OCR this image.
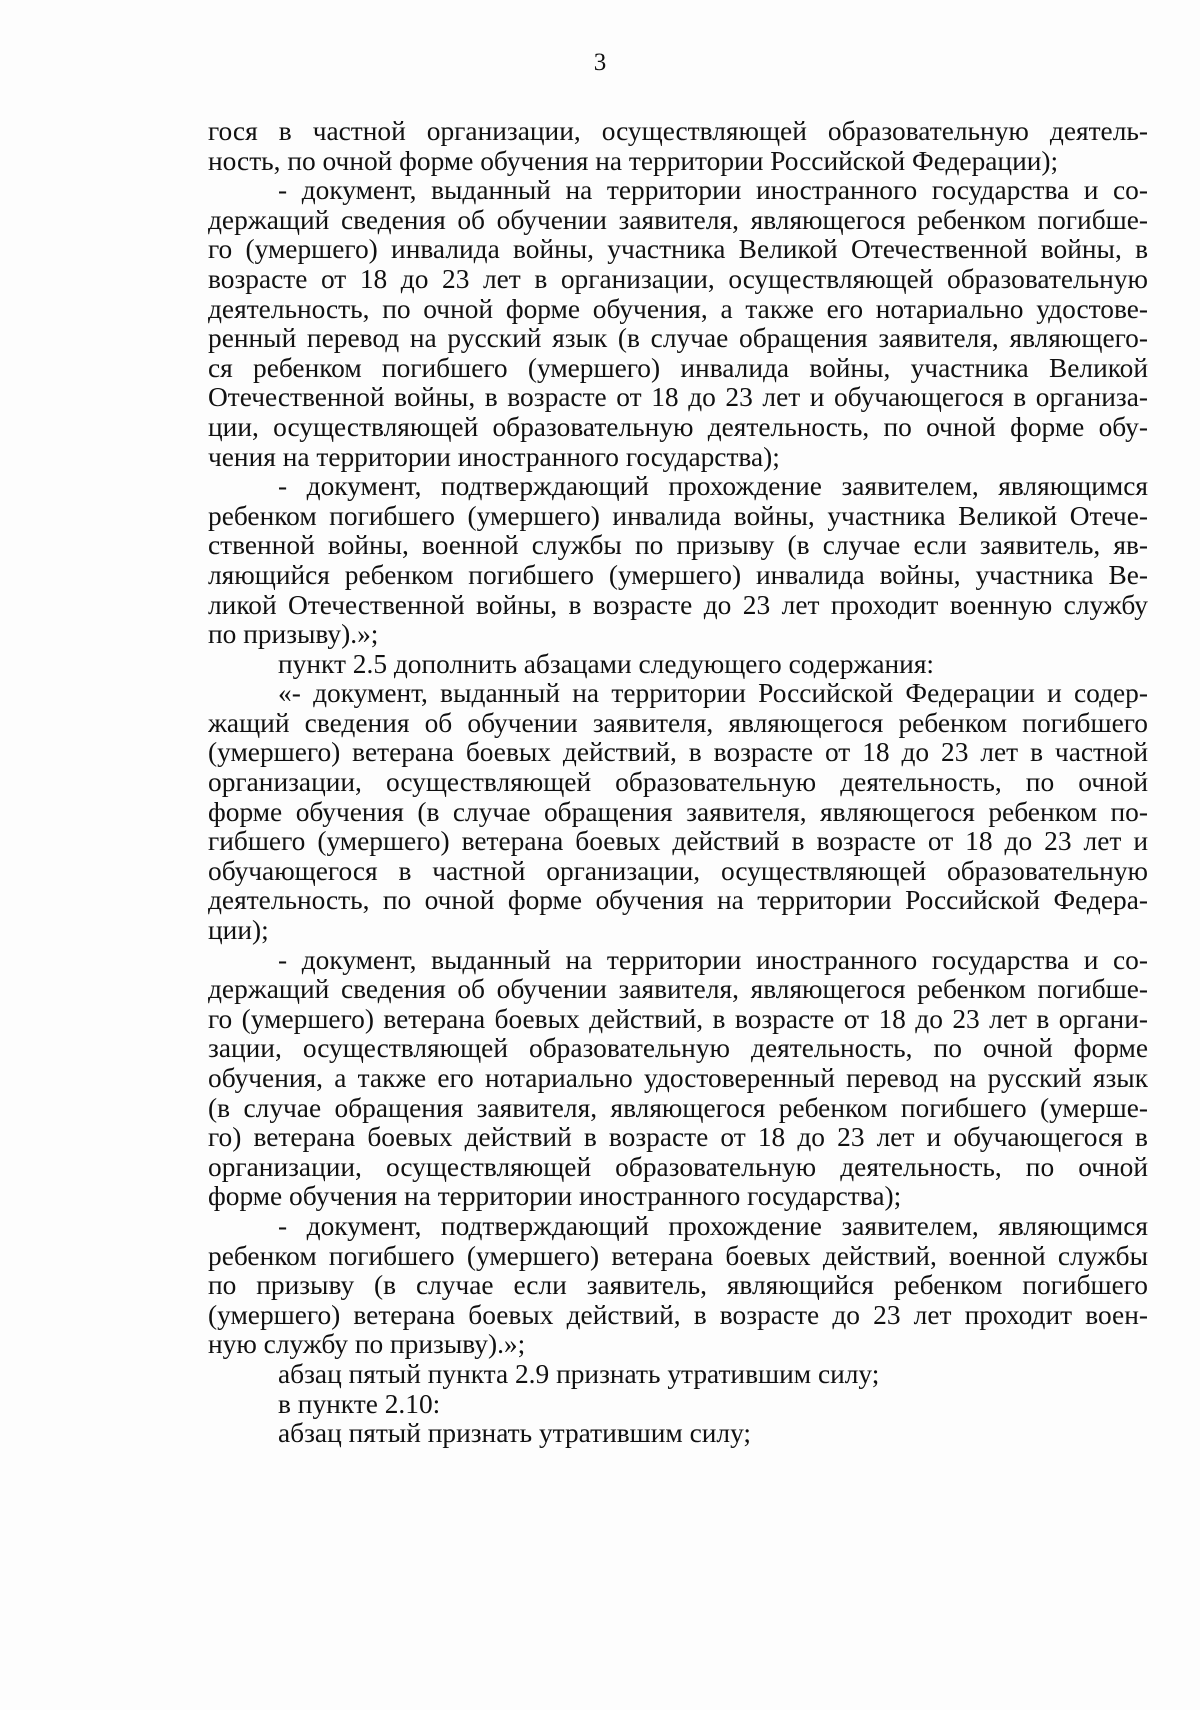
3
гося в частной организации, осуществляющей образовательную деятель-
ность, по очной форме обучения на территории Российской Федерации);
- документ, выданный на территории иностранного государства и со-
держащий сведения об обучении заявителя, являющегося ребенком погибше-
го (умершего) инвалида войны, участника Великой Отечественной войны, в
возрасте от 18 до 23 лет в организации, осуществляющей образовательную
деятельность, по очной форме обучения, а также его нотариально удостове-
ренный перевод на русский язык (в случае обращения заявителя, являющего-
ся ребенком погибшего (умершего) инвалида войны, участника Великой
Отечественной войны, в возрасте от 18 до 23 лет и обучающегося в организа-
ции, осуществляющей образовательную деятельность, по очной форме обу-
чения на территории иностранного государства);
- документ, подтверждающий прохождение заявителем, являющимся
ребенком погибшего (умершего) инвалида войны, участника Великой Отече-
ственной войны, военной службы по призыву (в случае если заявитель, яв-
ляющийся ребенком погибшего (умершего) инвалида войны, участника Ве-
ликой Отечественной войны, в возрасте до 23 лет проходит военную службу
по призыву).»;
пункт 2.5 дополнить абзацами следующего содержания:
«- документ, выданный на территории Российской Федерации и содер-
жащий сведения об обучении заявителя, являющегося ребенком погибшего
(умершего) ветерана боевых действий, в возрасте от 18 до 23 лет в частной
организации, осуществляющей образовательную деятельность, по очной
форме обучения (в случае обращения заявителя, являющегося ребенком по-
гибшего (умершего) ветерана боевых действий в возрасте от 18 до 23 лет и
обучающегося в частной организации, осуществляющей образовательную
деятельность, по очной форме обучения на территории Российской Федера-
ции);
- документ, выданный на территории иностранного государства и со-
держащий сведения об обучении заявителя, являющегося ребенком погибше-
го (умершего) ветерана боевых действий, в возрасте от 18 до 23 лет в органи-
зации, осуществляющей образовательную деятельность, по очной форме
обучения, а также его нотариально удостоверенный перевод на русский язык
(в случае обращения заявителя, являющегося ребенком погибшего (умерше-
го) ветерана боевых действий в возрасте от 18 до 23 лет и обучающегося в
организации, осуществляющей образовательную деятельность, по очной
форме обучения на территории иностранного государства);
- документ, подтверждающий прохождение заявителем, являющимся
ребенком погибшего (умершего) ветерана боевых действий, военной службы
по призыву (в случае если заявитель, являющийся ребенком погибшего
(умершего) ветерана боевых действий, в возрасте до 23 лет проходит воен-
ную службу по призыву).»;
абзац пятый пункта 2.9 признать утратившим силу;
в пункте 2.10:
абзац пятый признать утратившим силу;
